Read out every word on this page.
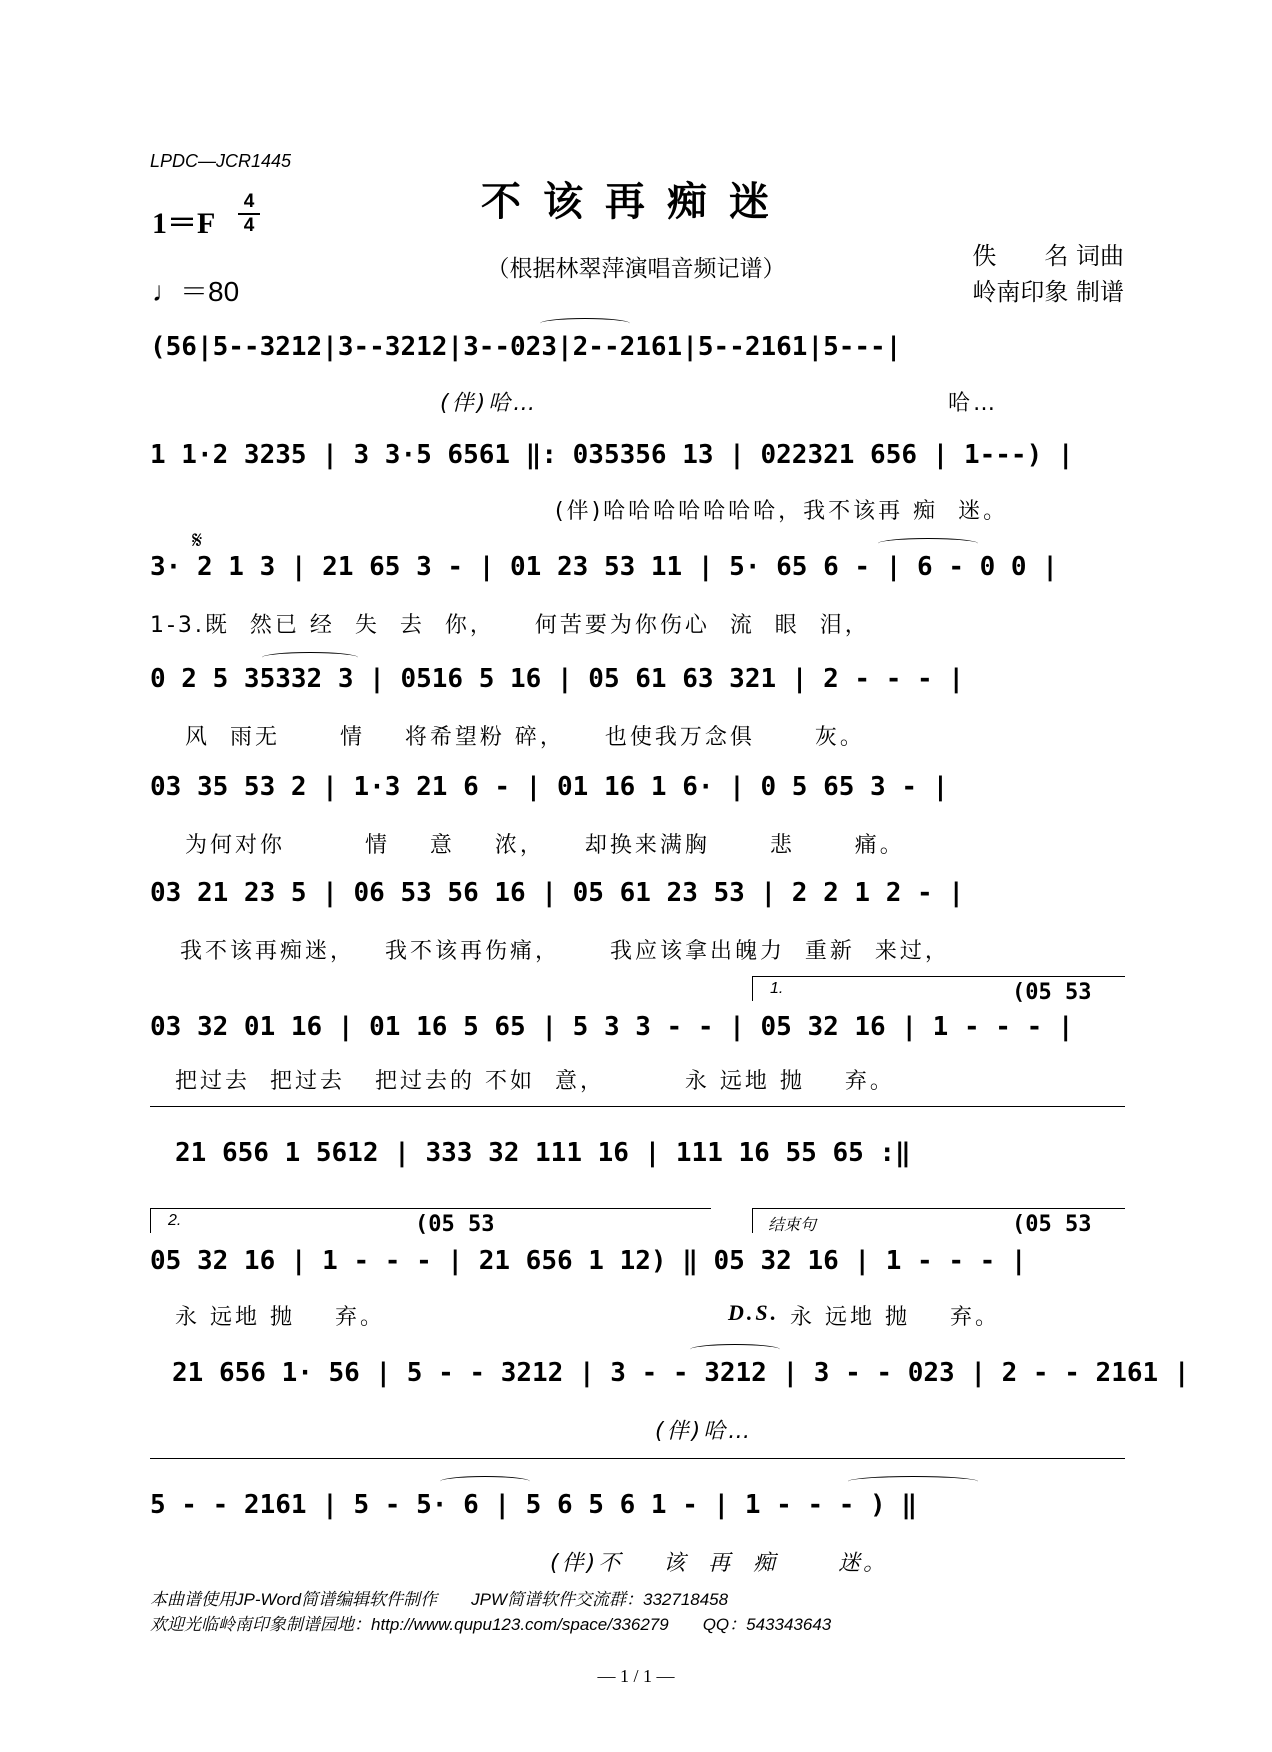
LPDC—JCR1445
不该再痴迷
1＝F
4
4
♩＝80
（根据林翠萍演唱音频记谱）	佚　　名 词曲
岭南印象 制谱
(56|5--3212|3--3212|3--023|2--2161|5--2161|5---|
(伴)哈…	哈…
1 1·2 3235 | 3 3·5 6561 ‖: 035356 13 | 022321 656 | 1---) |
(伴)哈哈哈哈哈哈哈，我不该再 痴  迷。
𝄋
3· 2 1 3 | 21 65 3 - | 01 23 53 11 | 5· 65 6 - | 6 - 0 0 |
1-3.既  然已 经  失  去  你，    何苦要为你伤心  流  眼  泪，
0 2 5 35332 3 | 0516 5 16 | 05 61 63 321 | 2 - - - |
风  雨无      情    将希望粉 碎，    也使我万念俱      灰。
03 35 53 2 | 1·3 21 6 - | 01 16 1 6· | 0 5 65 3 - |
为何对你        情    意    浓，    却换来满胸      悲      痛。
03 21 23 5 | 06 53 56 16 | 05 61 23 53 | 2 2 1 2 - |
我不该再痴迷，   我不该再伤痛，     我应该拿出魄力  重新  来过，
1.	(05 53
03 32 01 16 | 01 16 5 65 | 5 3 3 - - | 05 32 16 | 1 - - - |
把过去  把过去   把过去的 不如  意，        永 远地 抛    弃。
21 656 1 5612 | 333 32 111 16 | 111 16 55 65 :‖
2.	(05 53	结束句	(05 53
05 32 16 | 1 - - - | 21 656 1 12) ‖ 05 32 16 | 1 - - - |
永 远地 抛    弃。	D.S. 永 远地 抛    弃。
21 656 1· 56 | 5 - - 3212 | 3 - - 3212 | 3 - - 023 | 2 - - 2161 |
(伴)哈…
5 - - 2161 | 5 - 5· 6 | 5 6 5 6 1 - | 1 - - - ) ‖
(伴)不    该  再  痴      迷。
本曲谱使用JP-Word简谱编辑软件制作　　JPW简谱软件交流群：332718458
欢迎光临岭南印象制谱园地：http://www.qupu123.com/space/336279　　QQ：543343643
— 1 / 1 —
